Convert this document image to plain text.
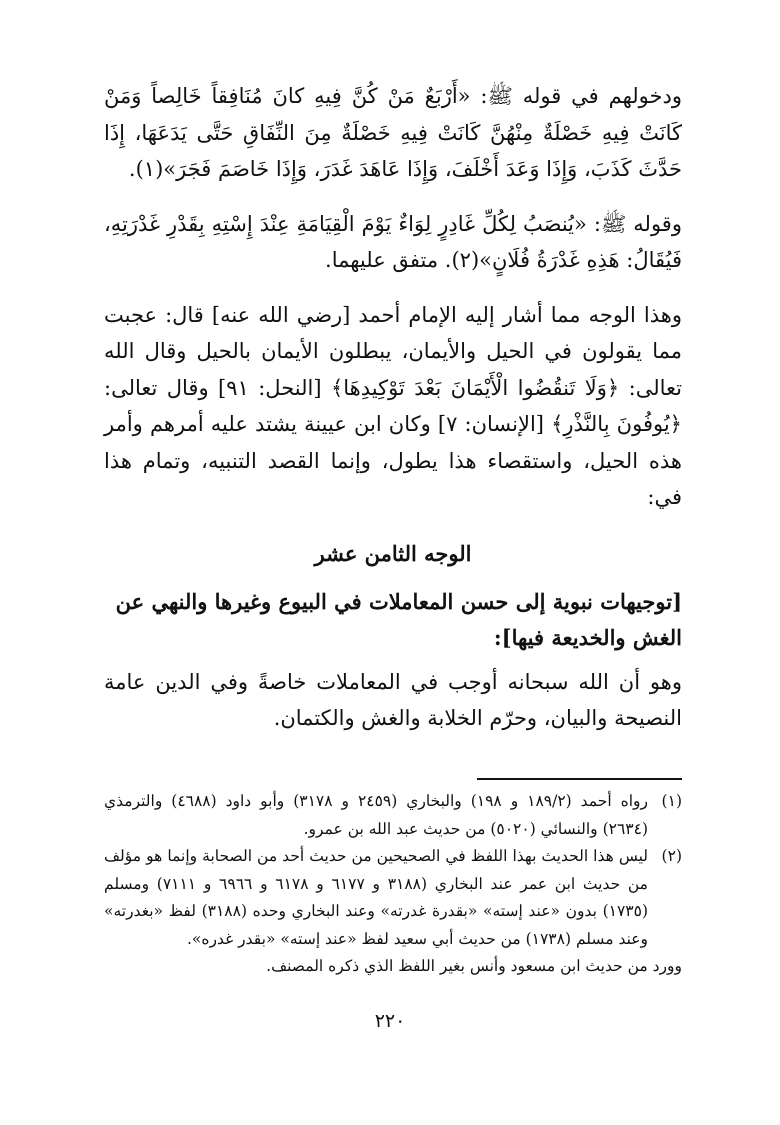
ودخولهم في قوله ﷺ: «أَرْبَعٌ مَنْ كُنَّ فِيهِ كانَ مُنَافِقاً خَالِصاً وَمَنْ كَانَتْ فِيهِ خَصْلَةٌ مِنْهُنَّ كَانَتْ فِيهِ خَصْلَةٌ مِنَ النِّفَاقِ حَتَّى يَدَعَهَا، إِذَا حَدَّثَ كَذَبَ، وَإِذَا وَعَدَ أَخْلَفَ، وَإِذَا عَاهَدَ غَدَرَ، وَإِذَا خَاصَمَ فَجَرَ»(١).

وقوله ﷺ: «يُنصَبُ لِكُلِّ غَادِرٍ لِوَاءٌ يَوْمَ الْقِيَامَةِ عِنْدَ إِسْتِهِ بِقَدْرِ غَدْرَتِهِ، فَيُقَالُ: هَذِهِ غَدْرَةُ فُلَانٍ»(٢). متفق عليهما.

وهذا الوجه مما أشار إليه الإمام أحمد [رضي الله عنه] قال: عجبت مما يقولون في الحيل والأيمان، يبطلون الأيمان بالحيل وقال الله تعالى: ﴿وَلَا تَنقُضُوا الْأَيْمَانَ بَعْدَ تَوْكِيدِهَا﴾ [النحل: ٩١] وقال تعالى: ﴿يُوفُونَ بِالنَّذْرِ﴾ [الإنسان: ٧] وكان ابن عيينة يشتد عليه أمرهم وأمر هذه الحيل، واستقصاء هذا يطول، وإنما القصد التنبيه، وتمام هذا في:

الوجه الثامن عشر
[توجيهات نبوية إلى حسن المعاملات في البيوع وغيرها والنهي عن الغش والخديعة فيها]:

وهو أن الله سبحانه أوجب في المعاملات خاصةً وفي الدين عامة النصيحة والبيان، وحرّم الخلابة والغش والكتمان.

(١)
رواه أحمد (١٨٩/٢ و ١٩٨) والبخاري (٢٤٥٩ و ٣١٧٨) وأبو داود (٤٦٨٨) والترمذي (٢٦٣٤) والنسائي (٥٠٢٠) من حديث عبد الله بن عمرو.
(٢)
ليس هذا الحديث بهذا اللفظ في الصحيحين من حديث أحد من الصحابة وإنما هو مؤلف من حديث ابن عمر عند البخاري (٣١٨٨ و ٦١٧٧ و ٦١٧٨ و ٦٩٦٦ و ٧١١١) ومسلم (١٧٣٥) بدون «عند إسته» «بقدرة غدرته» وعند البخاري وحده (٣١٨٨) لفظ «بغدرته» وعند مسلم (١٧٣٨) من حديث أبي سعيد لفظ «عند إسته» «بقدر غدره».
وورد من حديث ابن مسعود وأنس بغير اللفظ الذي ذكره المصنف.
٢٢٠
